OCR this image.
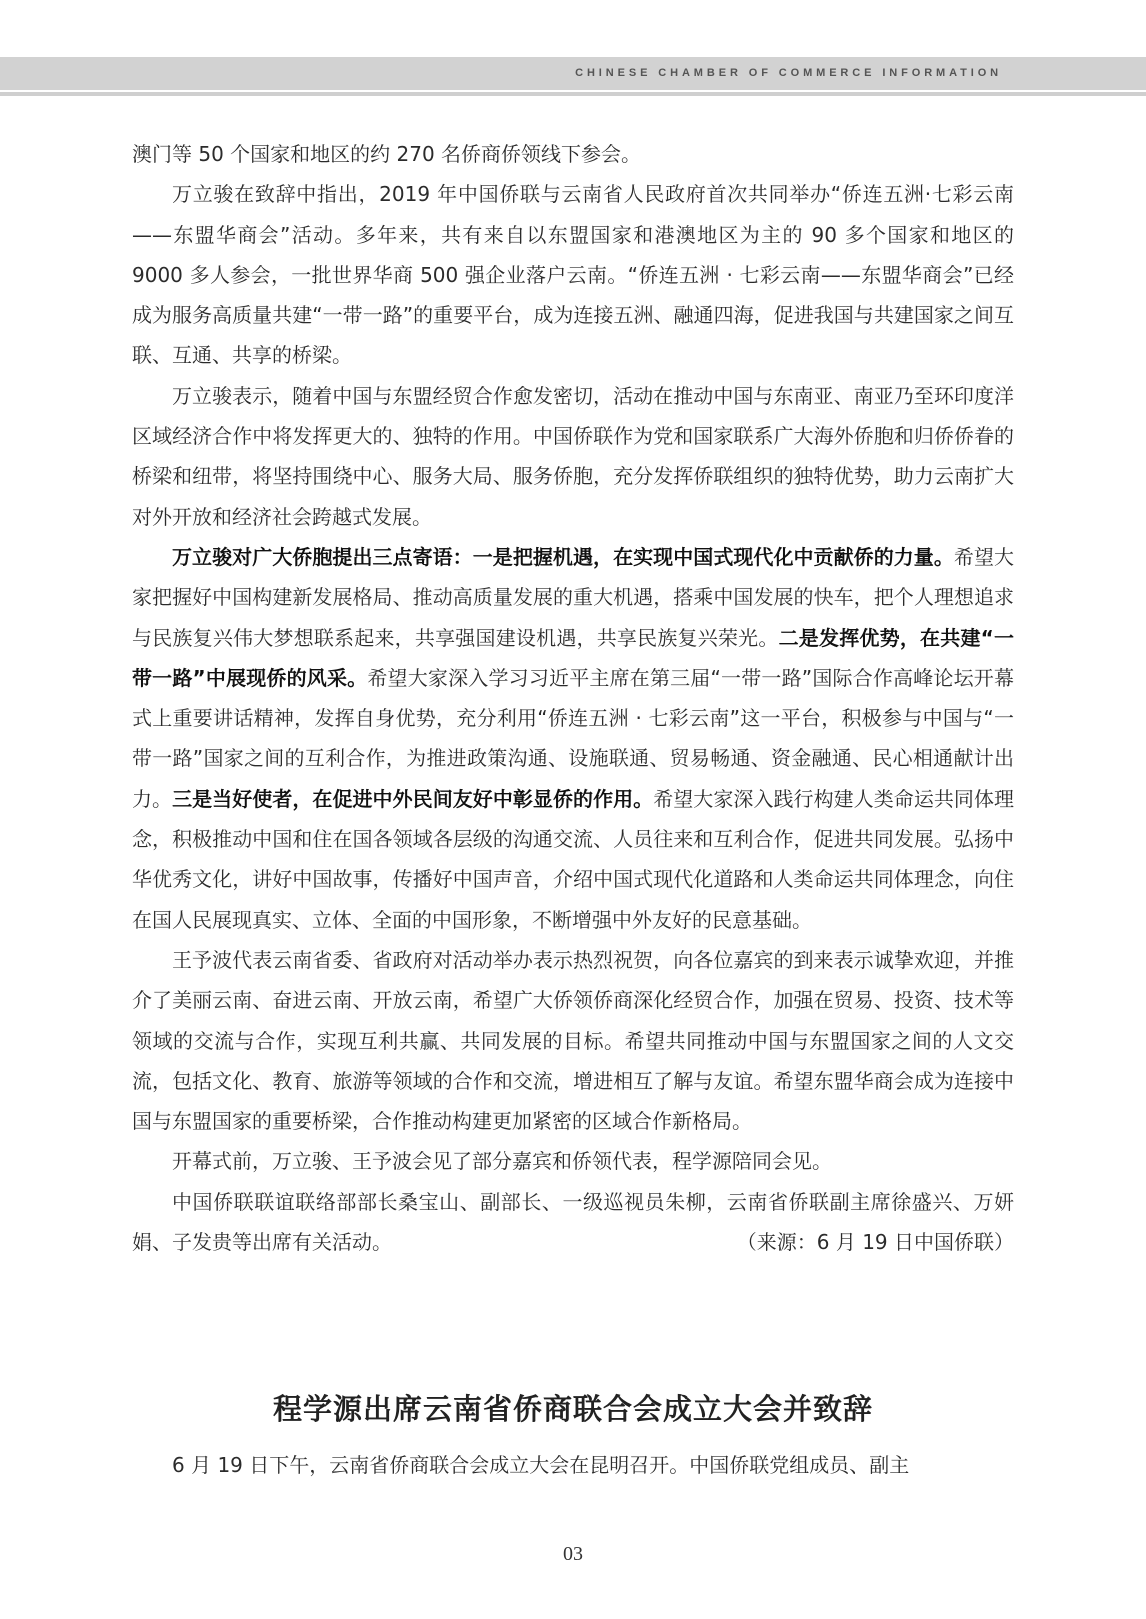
CHINESE CHAMBER OF COMMERCE INFORMATION

澳门等 50 个国家和地区的约 270 名侨商侨领线下参会。

万立骏在致辞中指出，2019 年中国侨联与云南省人民政府首次共同举办“侨连五洲·七彩云南——东盟华商会”活动。多年来，共有来自以东盟国家和港澳地区为主的 90 多个国家和地区的 9000 多人参会，一批世界华商 500 强企业落户云南。“侨连五洲 · 七彩云南——东盟华商会”已经成为服务高质量共建“一带一路”的重要平台，成为连接五洲、融通四海，促进我国与共建国家之间互联、互通、共享的桥梁。

万立骏表示，随着中国与东盟经贸合作愈发密切，活动在推动中国与东南亚、南亚乃至环印度洋区域经济合作中将发挥更大的、独特的作用。中国侨联作为党和国家联系广大海外侨胞和归侨侨眷的桥梁和纽带，将坚持围绕中心、服务大局、服务侨胞，充分发挥侨联组织的独特优势，助力云南扩大对外开放和经济社会跨越式发展。

万立骏对广大侨胞提出三点寄语：一是把握机遇，在实现中国式现代化中贡献侨的力量。希望大家把握好中国构建新发展格局、推动高质量发展的重大机遇，搭乘中国发展的快车，把个人理想追求与民族复兴伟大梦想联系起来，共享强国建设机遇，共享民族复兴荣光。二是发挥优势，在共建“一带一路”中展现侨的风采。希望大家深入学习习近平主席在第三届“一带一路”国际合作高峰论坛开幕式上重要讲话精神，发挥自身优势，充分利用“侨连五洲 · 七彩云南”这一平台，积极参与中国与“一带一路”国家之间的互利合作，为推进政策沟通、设施联通、贸易畅通、资金融通、民心相通献计出力。三是当好使者，在促进中外民间友好中彰显侨的作用。希望大家深入践行构建人类命运共同体理念，积极推动中国和住在国各领域各层级的沟通交流、人员往来和互利合作，促进共同发展。弘扬中华优秀文化，讲好中国故事，传播好中国声音，介绍中国式现代化道路和人类命运共同体理念，向住在国人民展现真实、立体、全面的中国形象，不断增强中外友好的民意基础。

王予波代表云南省委、省政府对活动举办表示热烈祝贺，向各位嘉宾的到来表示诚挚欢迎，并推介了美丽云南、奋进云南、开放云南，希望广大侨领侨商深化经贸合作，加强在贸易、投资、技术等领域的交流与合作，实现互利共赢、共同发展的目标。希望共同推动中国与东盟国家之间的人文交流，包括文化、教育、旅游等领域的合作和交流，增进相互了解与友谊。希望东盟华商会成为连接中国与东盟国家的重要桥梁，合作推动构建更加紧密的区域合作新格局。

开幕式前，万立骏、王予波会见了部分嘉宾和侨领代表，程学源陪同会见。

中国侨联联谊联络部部长桑宝山、副部长、一级巡视员朱柳，云南省侨联副主席徐盛兴、万妍娟、子发贵等出席有关活动。	（来源：6 月 19 日中国侨联）

程学源出席云南省侨商联合会成立大会并致辞

6 月 19 日下午，云南省侨商联合会成立大会在昆明召开。中国侨联党组成员、副主

03
